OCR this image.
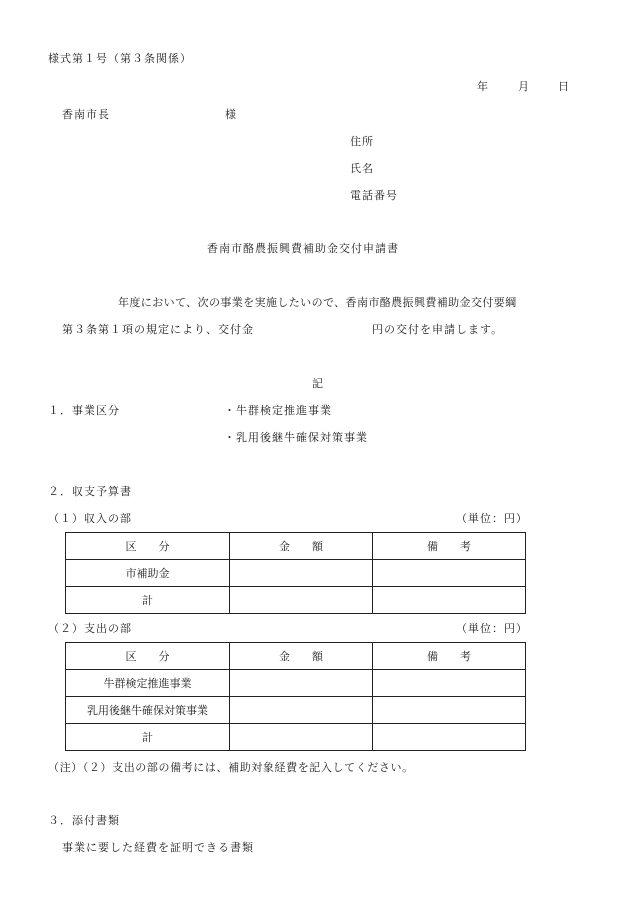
様式第１号（第３条関係）
年	月	日
香南市長	様
住所
氏名
電話番号
香南市酪農振興費補助金交付申請書
年度において、次の事業を実施したいので、香南市酪農振興費補助金交付要綱
第３条第１項の規定により、交付金	円の交付を申請します。
記
１．事業区分	・牛群検定推進事業
・乳用後継牛確保対策事業
２．収支予算書
（１）収入の部	（単位：円）
区　　分	金　　額	備　　考
市補助金		
計		
（２）支出の部	（単位：円）
区　　分	金　　額	備　　考
牛群検定推進事業		
乳用後継牛確保対策事業		
計		
（注）（２）支出の部の備考には、補助対象経費を記入してください。
３．添付書類
事業に要した経費を証明できる書類
